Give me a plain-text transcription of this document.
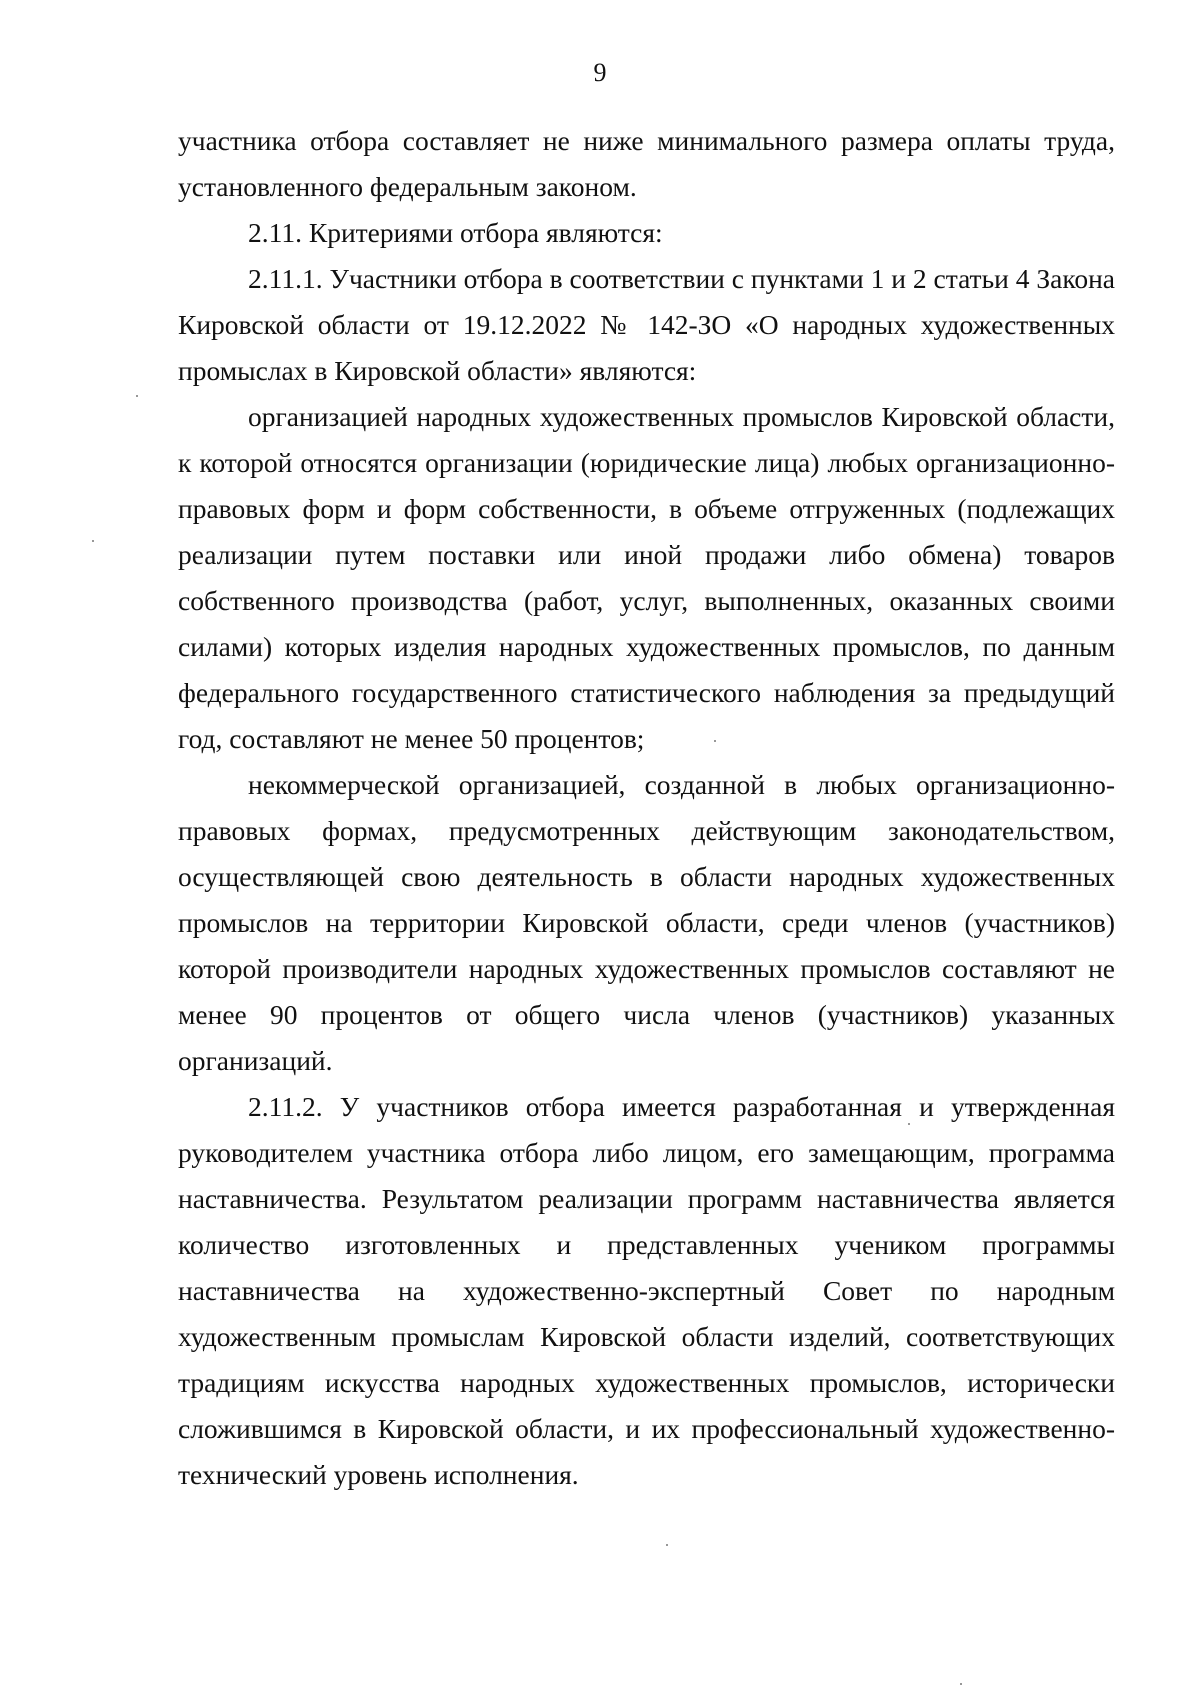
9

участника отбора составляет не ниже минимального размера оплаты труда, установленного федеральным законом.

2.11. Критериями отбора являются:

2.11.1. Участники отбора в соответствии с пунктами 1 и 2 статьи 4 Закона Кировской области от 19.12.2022 № 142-ЗО «О народных художественных промыслах в Кировской области» являются:

организацией народных художественных промыслов Кировской области, к которой относятся организации (юридические лица) любых организационно-правовых форм и форм собственности, в объеме отгруженных (подлежащих реализации путем поставки или иной продажи либо обмена) товаров собственного производства (работ, услуг, выполненных, оказанных своими силами) которых изделия народных художественных промыслов, по данным федерального государственного статистического наблюдения за предыдущий год, составляют не менее 50 процентов;

некоммерческой организацией, созданной в любых организационно-правовых формах, предусмотренных действующим законодательством, осуществляющей свою деятельность в области народных художественных промыслов на территории Кировской области, среди членов (участников) которой производители народных художественных промыслов составляют не менее 90 процентов от общего числа членов (участников) указанных организаций.

2.11.2. У участников отбора имеется разработанная и утвержденная руководителем участника отбора либо лицом, его замещающим, программа наставничества. Результатом реализации программ наставничества является количество изготовленных и представленных учеником программы наставничества на художественно-экспертный Совет по народным художественным промыслам Кировской области изделий, соответствующих традициям искусства народных художественных промыслов, исторически сложившимся в Кировской области, и их профессиональный художественно-технический уровень исполнения.
